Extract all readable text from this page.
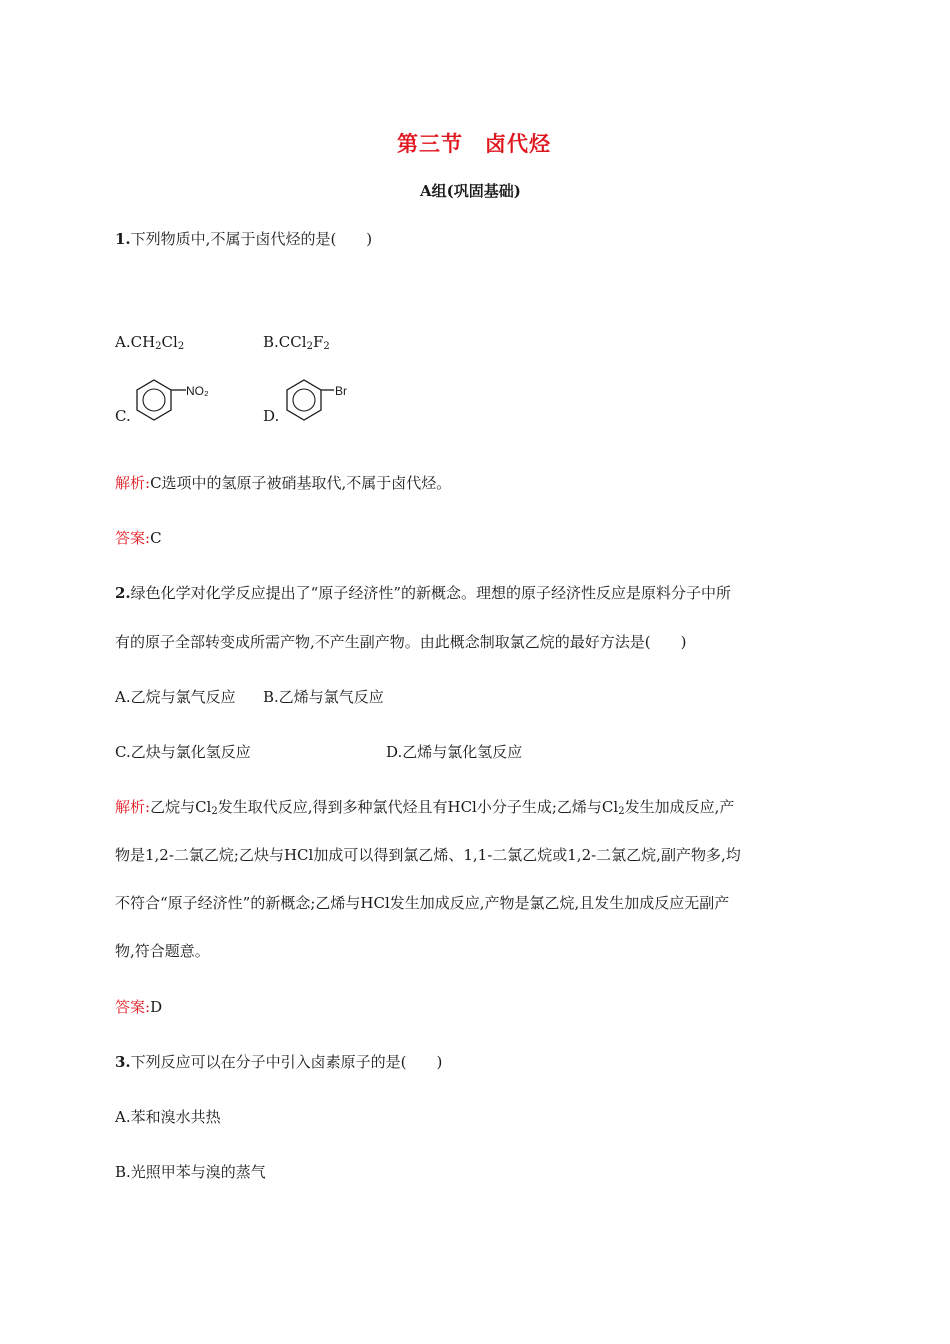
第三节　卤代烃
A组(巩固基础)
1.下列物质中,不属于卤代烃的是(　　)
$A.CH_2Cl_2$	$B.CCl_2F_2$
C.
NO₂
D.
Br
解析:C选项中的氢原子被硝基取代,不属于卤代烃。
答案:C
2.绿色化学对化学反应提出了“原子经济性”的新概念。理想的原子经济性反应是原料分子中所
有的原子全部转变成所需产物,不产生副产物。由此概念制取氯乙烷的最好方法是(　　)
A.乙烷与氯气反应 B.乙烯与氯气反应
C.乙炔与氯化氢反应	D.乙烯与氯化氢反应
解析:乙烷与$Cl_2$发生取代反应,得到多种氯代烃且有HCl小分子生成;乙烯与$Cl_2$发生加成反应,产
物是1,2-二氯乙烷;乙炔与HCl加成可以得到氯乙烯、1,1-二氯乙烷或1,2-二氯乙烷,副产物多,均
不符合“原子经济性”的新概念;乙烯与HCl发生加成反应,产物是氯乙烷,且发生加成反应无副产
物,符合题意。
答案:D
3.下列反应可以在分子中引入卤素原子的是(　　)
A.苯和溴水共热
B.光照甲苯与溴的蒸气
